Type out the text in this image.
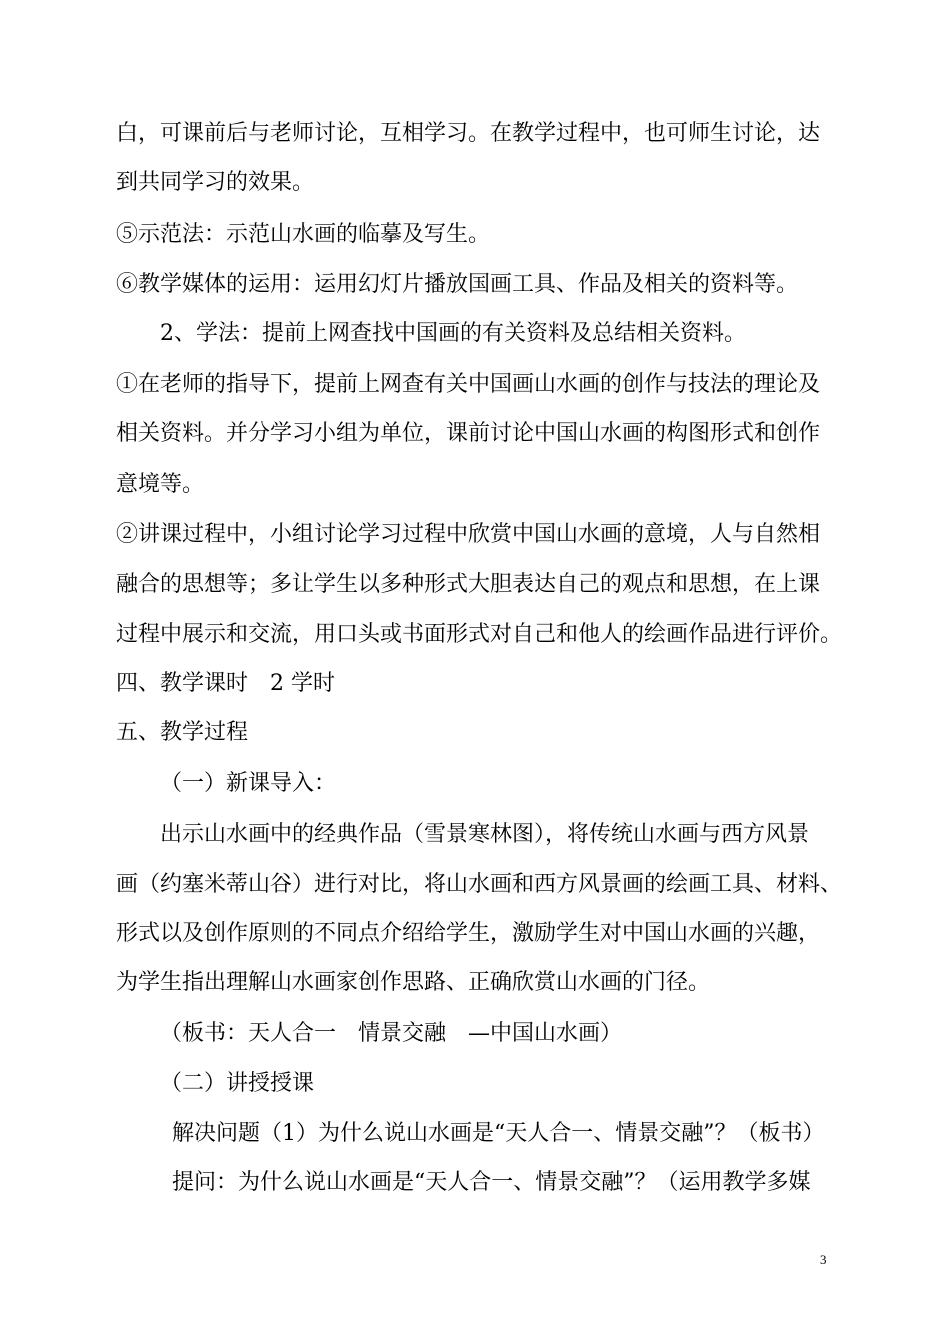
白，可课前后与老师讨论，互相学习。在教学过程中，也可师生讨论，达
到共同学习的效果。
⑤示范法：示范山水画的临摹及写生。
⑥教学媒体的运用：运用幻灯片播放国画工具、作品及相关的资料等。
2、学法：提前上网查找中国画的有关资料及总结相关资料。
①在老师的指导下，提前上网查有关中国画山水画的创作与技法的理论及
相关资料。并分学习小组为单位，课前讨论中国山水画的构图形式和创作
意境等。
②讲课过程中，小组讨论学习过程中欣赏中国山水画的意境，人与自然相
融合的思想等；多让学生以多种形式大胆表达自己的观点和思想，在上课
过程中展示和交流，用口头或书面形式对自己和他人的绘画作品进行评价。
四、教学课时　2 学时
五、教学过程
（一）新课导入：
出示山水画中的经典作品（雪景寒林图），将传统山水画与西方风景
画（约塞米蒂山谷）进行对比，将山水画和西方风景画的绘画工具、材料、
形式以及创作原则的不同点介绍给学生，激励学生对中国山水画的兴趣，
为学生指出理解山水画家创作思路、正确欣赏山水画的门径。
（板书：天人合一　情景交融　—中国山水画）
（二）讲授授课
解决问题（1）为什么说山水画是“天人合一、情景交融”？（板书）
提问：为什么说山水画是“天人合一、情景交融”？（运用教学多媒
3
